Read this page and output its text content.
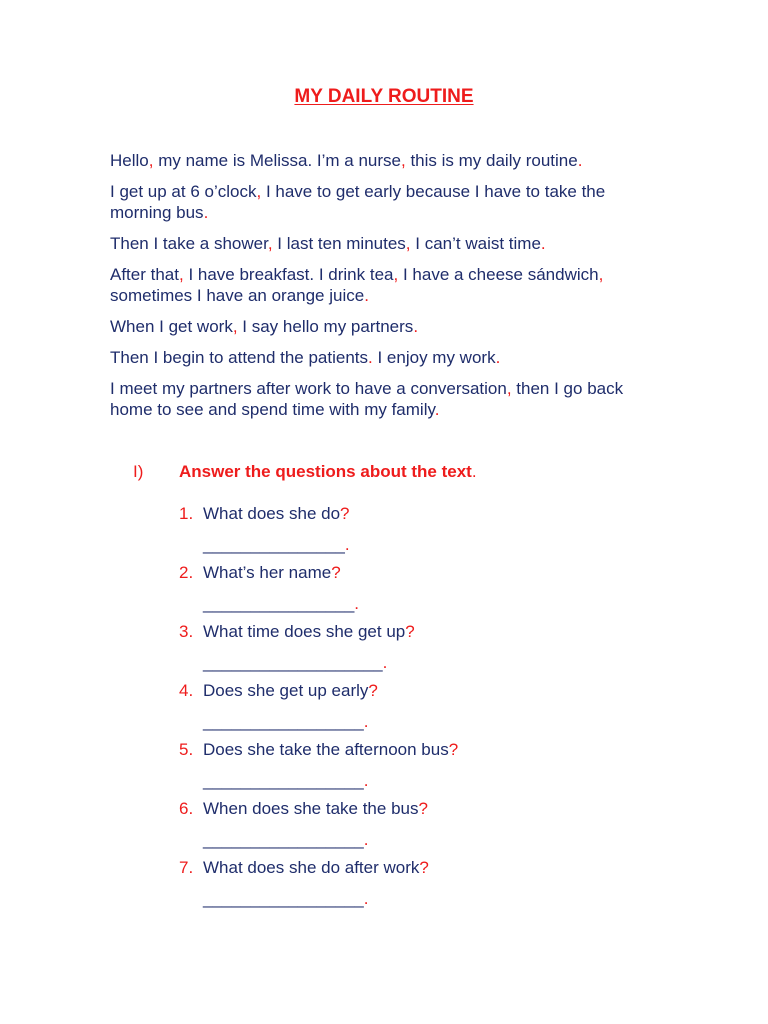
MY DAILY ROUTINE

Hello, my name is Melissa. I’m a nurse, this is my daily routine.

I get up at 6 o’clock, I have to get early because I have to take the morning bus.

Then I take a shower, I last ten minutes, I can’t waist time.

After that, I have breakfast. I drink tea, I have a cheese sándwich, sometimes I have an orange juice.

When I get work, I say hello my partners.

Then I begin to attend the patients. I enjoy my work.

I meet my partners after work to have a conversation, then I go back home to see and spend time with my family.

I) Answer the questions about the text.
1. What does she do?
_______________.
2. What’s her name?
________________.
3. What time does she get up?
___________________.
4. Does she get up early?
_________________.
5. Does she take the afternoon bus?
_________________.
6. When does she take the bus?
_________________.
7. What does she do after work?
_________________.
